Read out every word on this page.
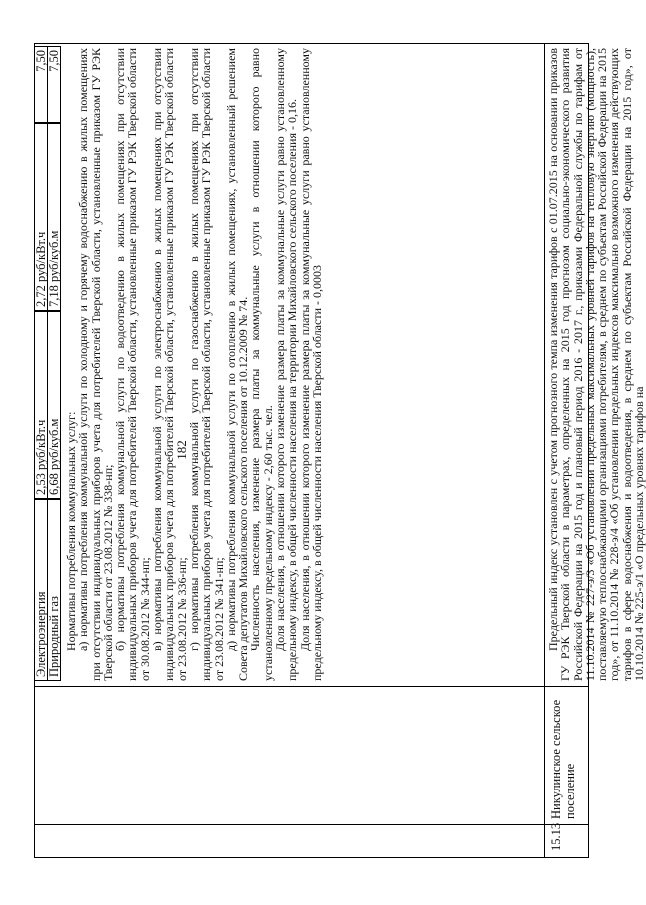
182
Электроэнергия
2,53 руб/кВт.ч
2,72 руб/кВт.ч
7,50
Природный газ
6,68 руб/куб.м
7,18 руб/куб.м
7,50

Нормативы потребления коммунальных услуг:

а) нормативы потребления коммунальной услуги по холодному и горячему водоснабжению в жилых помещениях при отсутствии индивидуальных приборов учета для потребителей Тверской области, установленные приказом ГУ РЭК Тверской области от 23.08.2012 № 338-нп;

б) нормативы потребления коммунальной услуги по водоотведению в жилых помещениях при отсутствии индивидуальных приборов учета для потребителей Тверской области, установленные приказом ГУ РЭК Тверской области от 30.08.2012 № 344-нп;

в) нормативы потребления коммунальной услуги по электроснабжению в жилых помещениях при отсутствии индивидуальных приборов учета для потребителей Тверской области, установленные приказом ГУ РЭК Тверской области от 23.08.2012 № 336-нп;

г) нормативы потребления коммунальной услуги по газоснабжению в жилых помещениях при отсутствии индивидуальных приборов учета для потребителей Тверской области, установленные приказом ГУ РЭК Тверской области от 23.08.2012 № 341-нп;

д) нормативы потребления коммунальной услуги по отоплению в жилых помещениях, установленный решением Совета депутатов Михайловского сельского поселения от 10.12.2009 № 74.

Численность населения, изменение размера платы за коммунальные услуги в отношении которого равно установленному предельному индексу - 2,60 тыс. чел.

Доля населения, в отношении которого изменение размера платы за коммунальные услуги равно установленному предельному индексу, в общей численности населения на территории Михайловского сельского поселения - 0,16.

Доля населения, в отношении которого изменение размера платы за коммунальные услуги равно установленному предельному индексу, в общей численности населения Тверской области - 0,0003

15.13
Никулинское сельское поселение

Предельный индекс установлен с учетом прогнозного темпа изменения тарифов с 01.07.2015 на основании приказов ГУ РЭК Тверской области в параметрах, определенных на 2015 год прогнозом социально-экономического развития Российской Федерации на 2015 год и плановый период 2016 - 2017 г., приказами Федеральной службы по тарифам от 11.10.2014 № 227-э/3 «Об установлении предельных максимальных уровней тарифов на тепловую энергию (мощность), поставляемую теплоснабжающими организациями потребителям, в среднем по субъектам Российской Федерации на 2015 год», от 11.10.2014 № 228-э/4 «Об установлении предельных индексов максимально возможного изменения действующих тарифов в сфере водоснабжения и водоотведения, в среднем по субъектам Российской Федерации на 2015 год», от 10.10.2014 № 225-э/1 «О предельных уровнях тарифов на
